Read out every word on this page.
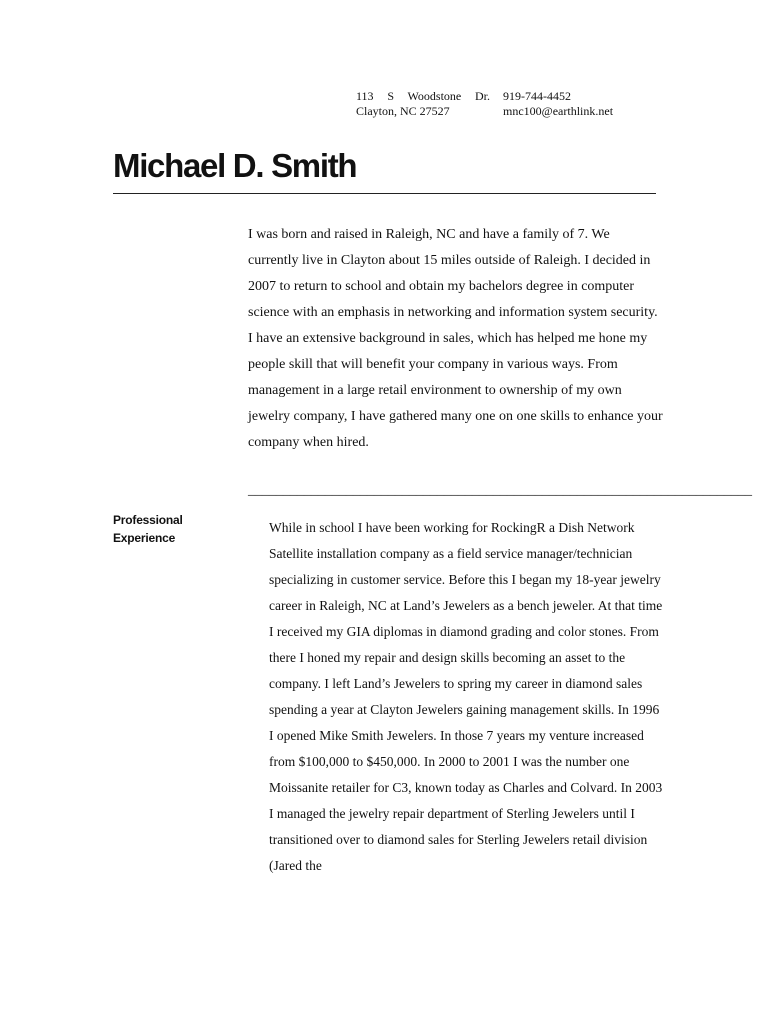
113 S Woodstone Dr.
Clayton, NC 27527
919-744-4452
mnc100@earthlink.net
Michael D. Smith

I was born and raised in Raleigh, NC and have a family of 7. We currently live in Clayton about 15 miles outside of Raleigh. I decided in 2007 to return to school and obtain my bachelors degree in computer science with an emphasis in networking and information system security. I have an extensive background in sales, which has helped me hone my people skill that will benefit your company in various ways. From management in a large retail environment to ownership of my own jewelry company, I have gathered many one on one skills to enhance your company when hired.

________________________________________________________________________
Professional Experience

While in school I have been working for RockingR a Dish Network Satellite installation company as a field service manager/technician specializing in customer service. Before this I began my 18-year jewelry career in Raleigh, NC at Land’s Jewelers as a bench jeweler. At that time I received my GIA diplomas in diamond grading and color stones. From there I honed my repair and design skills becoming an asset to the company. I left Land’s Jewelers to spring my career in diamond sales spending a year at Clayton Jewelers gaining management skills. In 1996 I opened Mike Smith Jewelers. In those 7 years my venture increased from $100,000 to $450,000. In 2000 to 2001 I was the number one Moissanite retailer for C3, known today as Charles and Colvard. In 2003 I managed the jewelry repair department of Sterling Jewelers until I transitioned over to diamond sales for Sterling Jewelers retail division (Jared the
